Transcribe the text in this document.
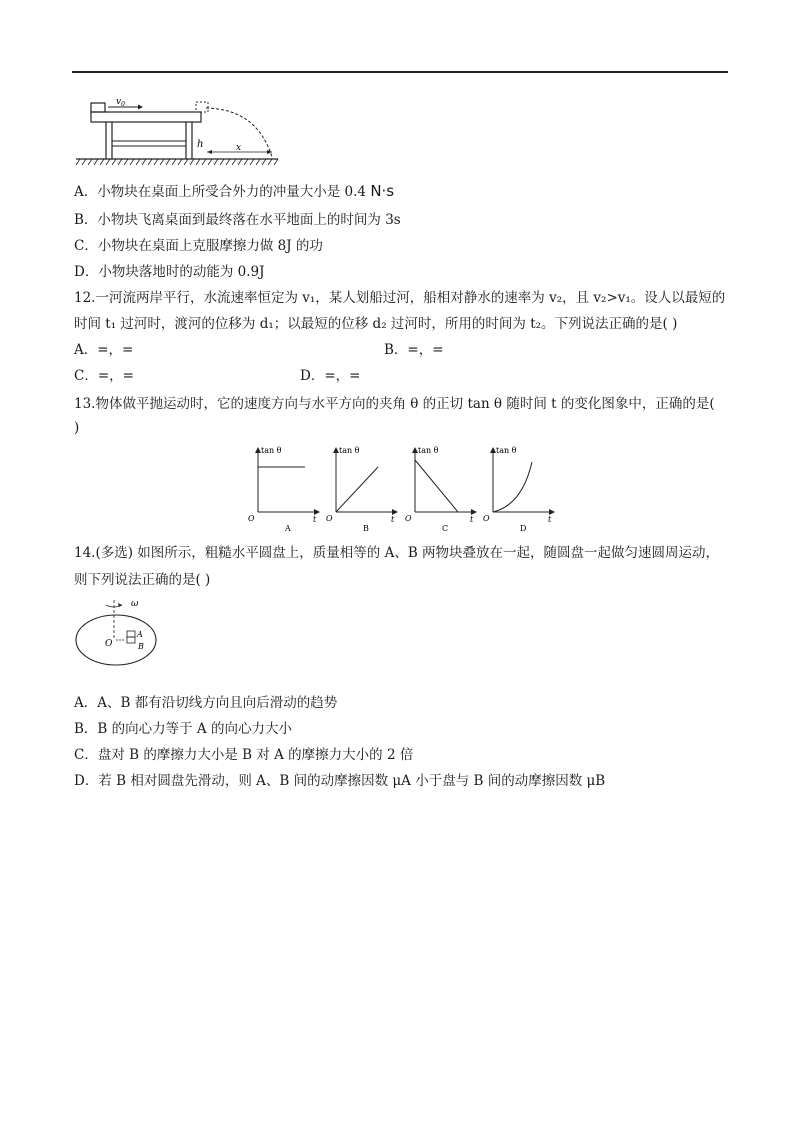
$v_0$
h	x
A．小物块在桌面上所受合外力的冲量大小是 0.4 N·s
B．小物块飞离桌面到最终落在水平地面上的时间为 3s
C．小物块在桌面上克服摩擦力做 8J 的功
D．小物块落地时的动能为 0.9J
12.一河流两岸平行，水流速率恒定为 v₁，某人划船过河，船相对静水的速率为 v₂，且 v₂>v₁。设人以最短的
时间 t₁ 过河时，渡河的位移为 d₁；以最短的位移 d₂ 过河时，所用的时间为 t₂。下列说法正确的是( )
A．=，=	B．=，=
C．=，=	D．=，=
13.物体做平抛运动时，它的速度方向与水平方向的夹角 θ 的正切 tan θ 随时间 t 的变化图象中，正确的是(
)
tan θ
t
O
A
tan θ
t
O
B
tan θ
t
O
C
tan θ
t
O
D
14.(多选) 如图所示，粗糙水平圆盘上，质量相等的 A、B 两物块叠放在一起，随圆盘一起做匀速圆周运动，
则下列说法正确的是( )
ω
O
A
B
A．A、B 都有沿切线方向且向后滑动的趋势
B．B 的向心力等于 A 的向心力大小
C．盘对 B 的摩擦力大小是 B 对 A 的摩擦力大小的 2 倍
D．若 B 相对圆盘先滑动，则 A、B 间的动摩擦因数 μA 小于盘与 B 间的动摩擦因数 μB
